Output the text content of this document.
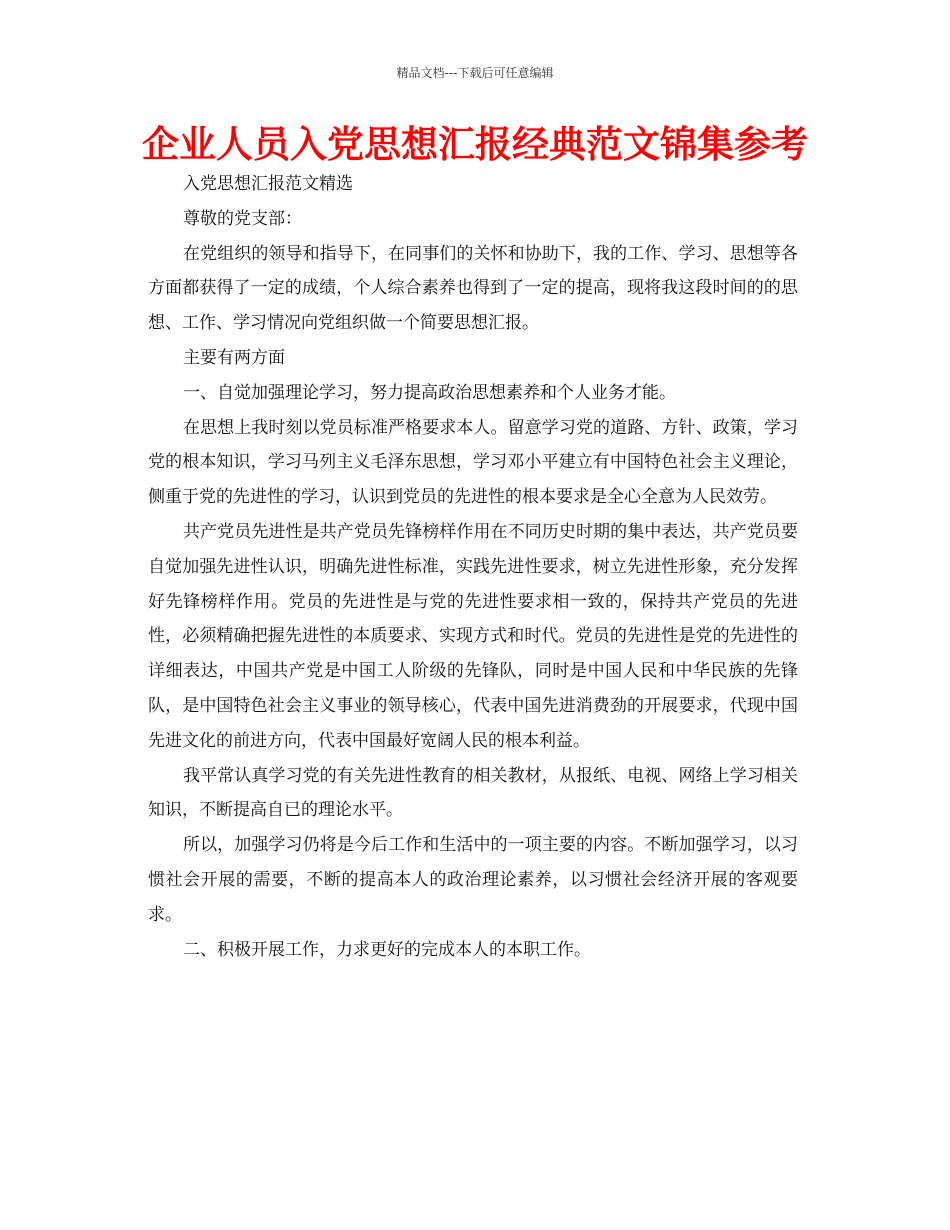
精品文档---下载后可任意编辑
企业人员入党思想汇报经典范文锦集参考

入党思想汇报范文精选

尊敬的党支部：

在党组织的领导和指导下，在同事们的关怀和协助下，我的工作、学习、思想等各方面都获得了一定的成绩，个人综合素养也得到了一定的提高，现将我这段时间的的思想、工作、学习情况向党组织做一个简要思想汇报。

主要有两方面

一、自觉加强理论学习，努力提高政治思想素养和个人业务才能。

在思想上我时刻以党员标准严格要求本人。留意学习党的道路、方针、政策，学习党的根本知识，学习马列主义毛泽东思想，学习邓小平建立有中国特色社会主义理论，侧重于党的先进性的学习，认识到党员的先进性的根本要求是全心全意为人民效劳。

共产党员先进性是共产党员先锋榜样作用在不同历史时期的集中表达，共产党员要自觉加强先进性认识，明确先进性标准，实践先进性要求，树立先进性形象，充分发挥好先锋榜样作用。党员的先进性是与党的先进性要求相一致的，保持共产党员的先进性，必须精确把握先进性的本质要求、实现方式和时代。党员的先进性是党的先进性的详细表达，中国共产党是中国工人阶级的先锋队，同时是中国人民和中华民族的先锋队，是中国特色社会主义事业的领导核心，代表中国先进消费劲的开展要求，代现中国先进文化的前进方向，代表中国最好宽阔人民的根本利益。

我平常认真学习党的有关先进性教育的相关教材，从报纸、电视、网络上学习相关知识，不断提高自已的理论水平。

所以，加强学习仍将是今后工作和生活中的一项主要的内容。不断加强学习，以习惯社会开展的需要，不断的提高本人的政治理论素养，以习惯社会经济开展的客观要求。

二、积极开展工作，力求更好的完成本人的本职工作。
